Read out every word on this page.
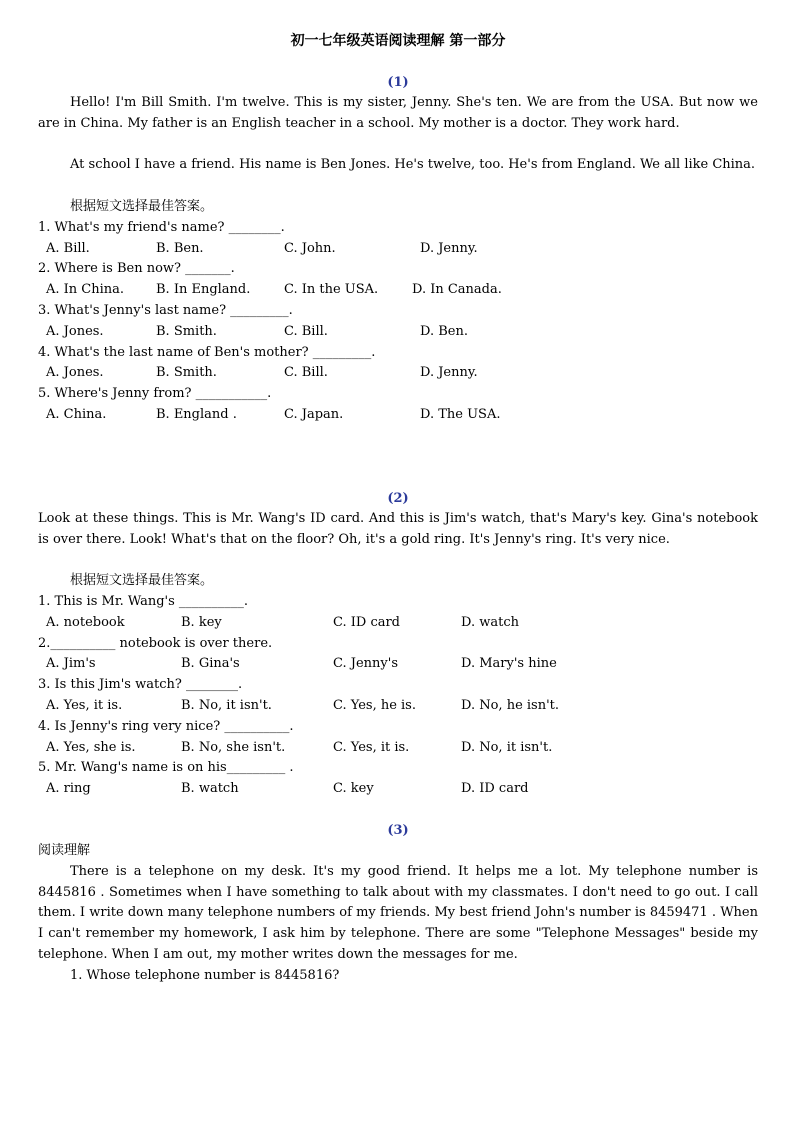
初一七年级英语阅读理解 第一部分
(1)
Hello! I'm Bill Smith. I'm twelve. This is my sister, Jenny. She's ten. We are from the USA. But now we are in China. My father is an English teacher in a school. My mother is a doctor. They work hard.
At school I have a friend. His name is Ben Jones. He's twelve, too. He's from England. We all like China.
根据短文选择最佳答案。
1. What's my friend's name? ________.
A. Bill.	B. Ben.	C. John.	D. Jenny.
2. Where is Ben now? _______.
A. In China.	B. In England.	C. In the USA.	D. In Canada.
3. What's Jenny's last name? _________.
A. Jones.	B. Smith.	C. Bill.	D. Ben.
4. What's the last name of Ben's mother? _________.
A. Jones.	B. Smith.	C. Bill.	D. Jenny.
5. Where's Jenny from? ___________.
A. China.	B. England .	C. Japan.	D. The USA.
(2)
Look at these things. This is Mr. Wang's ID card. And this is Jim's watch, that's Mary's key. Gina's notebook is over there. Look! What's that on the floor? Oh, it's a gold ring. It's Jenny's ring. It's very nice.
根据短文选择最佳答案。
1. This is Mr. Wang's __________.
A. notebook	B. key	C. ID card	D. watch
2.__________ notebook is over there.
A. Jim's	B. Gina's	C. Jenny's	D. Mary's hine
3. Is this Jim's watch? ________.
A. Yes, it is.	B. No, it isn't.	C. Yes, he is.	D. No, he isn't.
4. Is Jenny's ring very nice? __________.
A. Yes, she is.	B. No, she isn't.	C. Yes, it is.	D. No, it isn't.
5. Mr. Wang's name is on his_________ .
A. ring	B. watch	C. key	D. ID card
(3)
阅读理解
There is a telephone on my desk. It's my good friend. It helps me a lot. My telephone number is 8445816 . Sometimes when I have something to talk about with my classmates. I don't need to go out. I call them. I write down many telephone numbers of my friends. My best friend John's number is 8459471 . When I can't remember my homework, I ask him by telephone. There are some "Telephone Messages" beside my telephone. When I am out, my mother writes down the messages for me.
1. Whose telephone number is 8445816?
